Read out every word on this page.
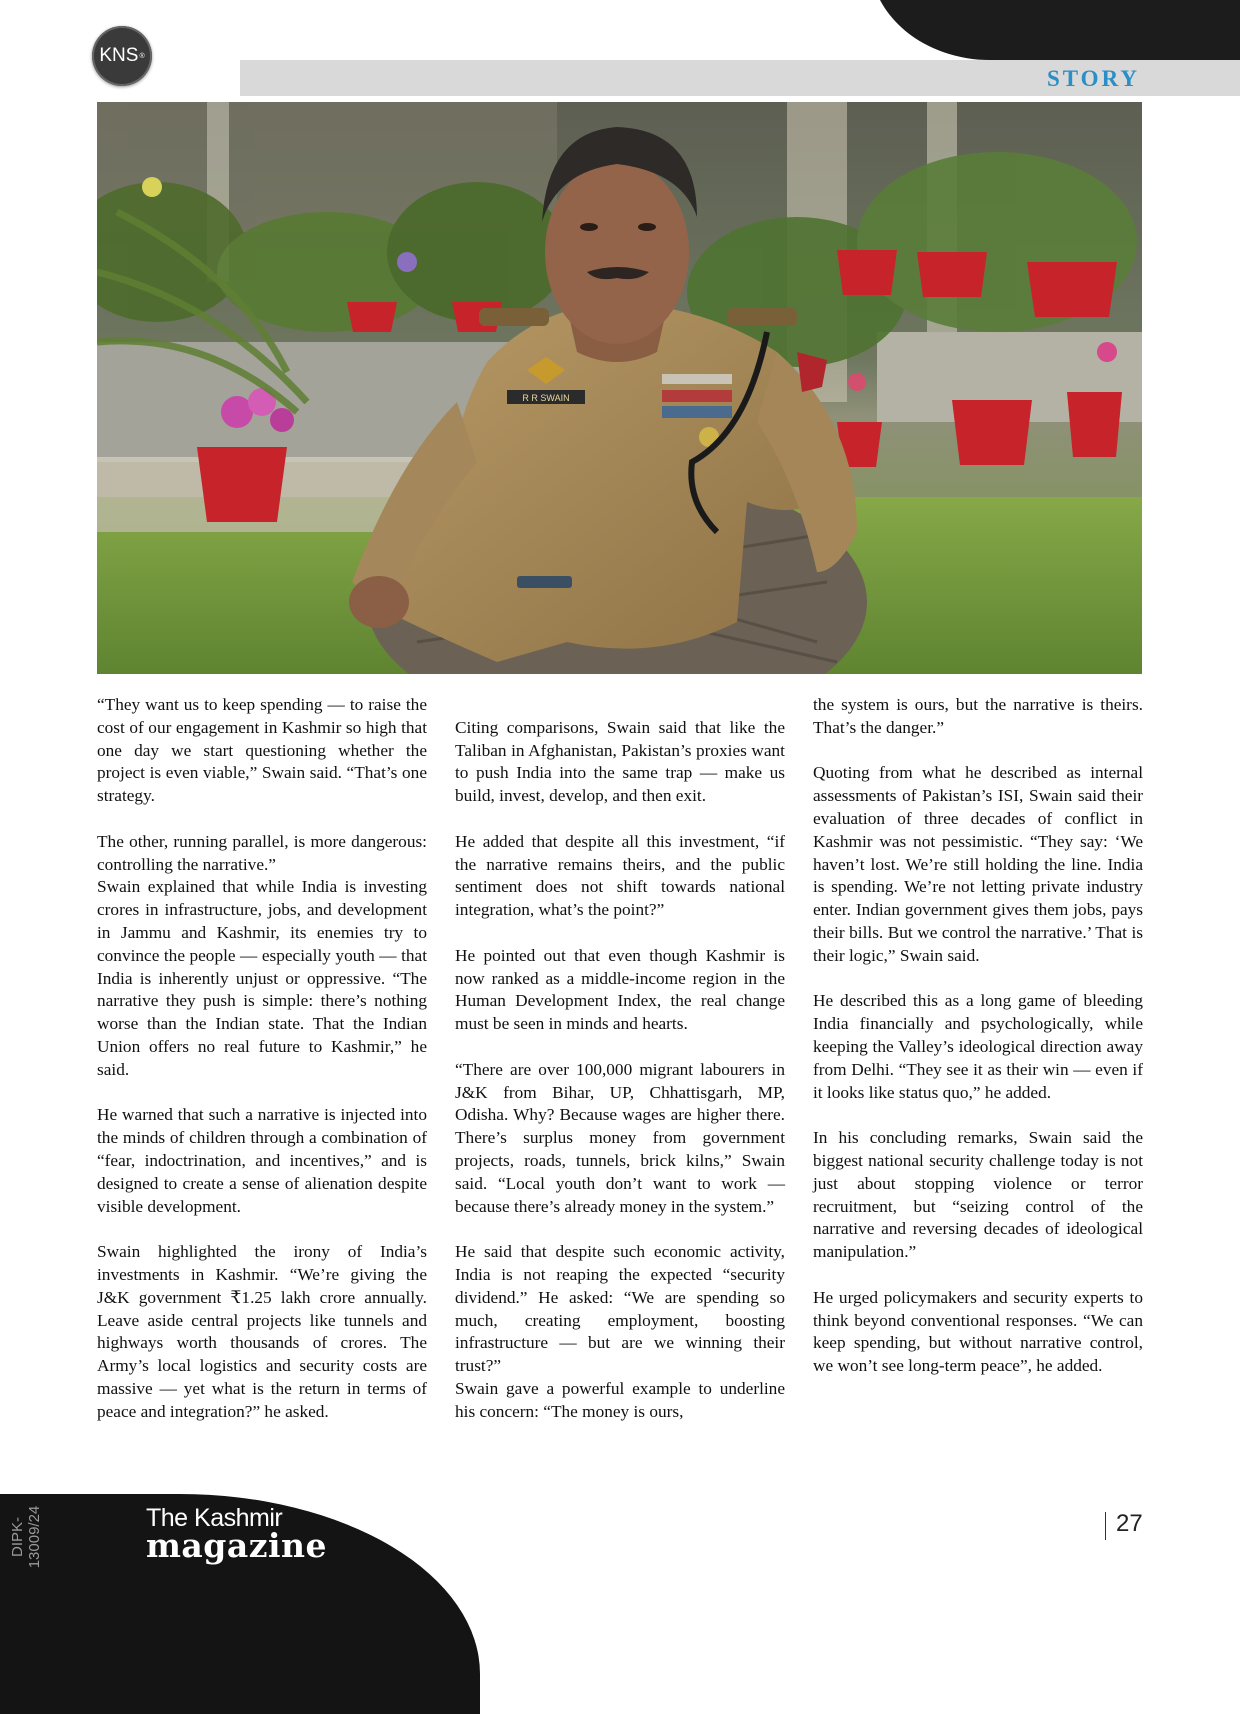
STORY
KNS ®
R R SWAIN

“They want us to keep spending — to raise the cost of our engagement in Kashmir so high that one day we start questioning whether the project is even viable,” Swain said. “That’s one strategy.

The other, running parallel, is more dangerous: controlling the narrative.”

Swain explained that while India is investing crores in infrastructure, jobs, and development in Jammu and Kashmir, its enemies try to convince the people — especially youth — that India is inherently unjust or oppressive. “The narrative they push is simple: there’s nothing worse than the Indian state. That the Indian Union offers no real future to Kashmir,” he said.

He warned that such a narrative is injected into the minds of children through a combination of “fear, indoctrination, and incentives,” and is designed to create a sense of alienation despite visible development.

Swain highlighted the irony of India’s investments in Kashmir. “We’re giving the J&K government ₹1.25 lakh crore annually. Leave aside central projects like tunnels and highways worth thousands of crores. The Army’s local logistics and security costs are massive — yet what is the return in terms of peace and integration?” he asked.

Citing comparisons, Swain said that like the Taliban in Afghanistan, Pakistan’s proxies want to push India into the same trap — make us build, invest, develop, and then exit.

He added that despite all this investment, “if the narrative remains theirs, and the public sentiment does not shift towards national integration, what’s the point?”

He pointed out that even though Kashmir is now ranked as a middle-income region in the Human Development Index, the real change must be seen in minds and hearts.

“There are over 100,000 migrant labourers in J&K from Bihar, UP, Chhattisgarh, MP, Odisha. Why? Because wages are higher there. There’s surplus money from government projects, roads, tunnels, brick kilns,” Swain said. “Local youth don’t want to work — because there’s already money in the system.”

He said that despite such economic activity, India is not reaping the expected “security dividend.” He asked: “We are spending so much, creating employment, boosting infrastructure — but are we winning their trust?”

Swain gave a powerful example to underline his concern: “The money is ours,

the system is ours, but the narrative is theirs. That’s the danger.”

Quoting from what he described as internal assessments of Pakistan’s ISI, Swain said their evaluation of three decades of conflict in Kashmir was not pessimistic. “They say: ‘We haven’t lost. We’re still holding the line. India is spending. We’re not letting private industry enter. Indian government gives them jobs, pays their bills. But we control the narrative.’ That is their logic,” Swain said.

He described this as a long game of bleeding India financially and psychologically, while keeping the Valley’s ideological direction away from Delhi. “They see it as their win — even if it looks like status quo,” he added.

In his concluding remarks, Swain said the biggest national security challenge today is not just about stopping violence or terror recruitment, but “seizing control of the narrative and reversing decades of ideological manipulation.”

He urged policymakers and security experts to think beyond conventional responses. “We can keep spending, but without narrative control, we won’t see long-term peace”, he added.

The Kashmir
magazine
DIPK-13009/24	27
